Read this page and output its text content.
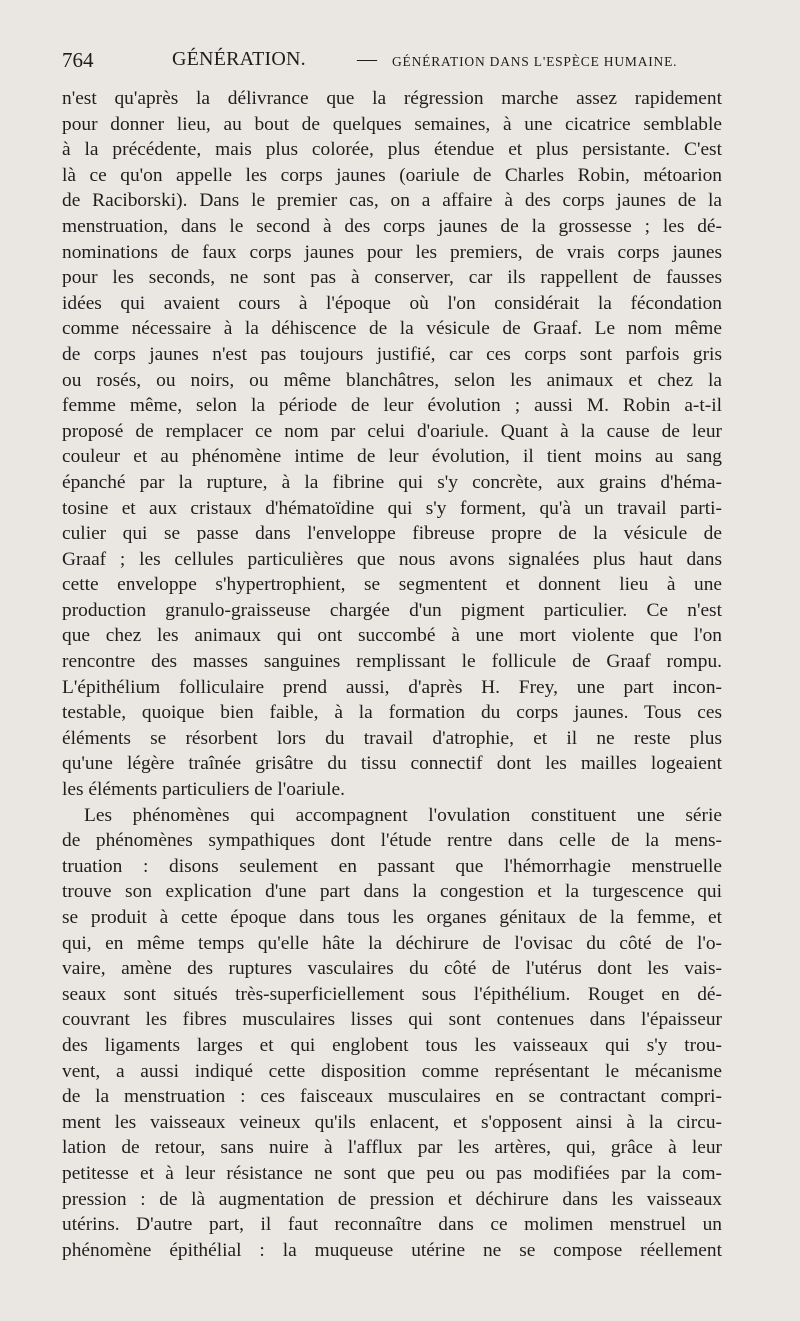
764	GÉNÉRATION.	— GÉNÉRATION DANS L'ESPÈCE HUMAINE.
n'est qu'après la délivrance que la régression marche assez rapidement
pour donner lieu, au bout de quelques semaines, à une cicatrice semblable
à la précédente, mais plus colorée, plus étendue et plus persistante. C'est
là ce qu'on appelle les corps jaunes (oariule de Charles Robin, métoarion
de Raciborski). Dans le premier cas, on a affaire à des corps jaunes de la
menstruation, dans le second à des corps jaunes de la grossesse ; les dé-
nominations de faux corps jaunes pour les premiers, de vrais corps jaunes
pour les seconds, ne sont pas à conserver, car ils rappellent de fausses
idées qui avaient cours à l'époque où l'on considérait la fécondation
comme nécessaire à la déhiscence de la vésicule de Graaf. Le nom même
de corps jaunes n'est pas toujours justifié, car ces corps sont parfois gris
ou rosés, ou noirs, ou même blanchâtres, selon les animaux et chez la
femme même, selon la période de leur évolution ; aussi M. Robin a-t-il
proposé de remplacer ce nom par celui d'oariule. Quant à la cause de leur
couleur et au phénomène intime de leur évolution, il tient moins au sang
épanché par la rupture, à la fibrine qui s'y concrète, aux grains d'héma-
tosine et aux cristaux d'hématoïdine qui s'y forment, qu'à un travail parti-
culier qui se passe dans l'enveloppe fibreuse propre de la vésicule de
Graaf ; les cellules particulières que nous avons signalées plus haut dans
cette enveloppe s'hypertrophient, se segmentent et donnent lieu à une
production granulo-graisseuse chargée d'un pigment particulier. Ce n'est
que chez les animaux qui ont succombé à une mort violente que l'on
rencontre des masses sanguines remplissant le follicule de Graaf rompu.
L'épithélium folliculaire prend aussi, d'après H. Frey, une part incon-
testable, quoique bien faible, à la formation du corps jaunes. Tous ces
éléments se résorbent lors du travail d'atrophie, et il ne reste plus
qu'une légère traînée grisâtre du tissu connectif dont les mailles logeaient
les éléments particuliers de l'oariule.
Les phénomènes qui accompagnent l'ovulation constituent une série
de phénomènes sympathiques dont l'étude rentre dans celle de la mens-
truation : disons seulement en passant que l'hémorrhagie menstruelle
trouve son explication d'une part dans la congestion et la turgescence qui
se produit à cette époque dans tous les organes génitaux de la femme, et
qui, en même temps qu'elle hâte la déchirure de l'ovisac du côté de l'o-
vaire, amène des ruptures vasculaires du côté de l'utérus dont les vais-
seaux sont situés très-superficiellement sous l'épithélium. Rouget en dé-
couvrant les fibres musculaires lisses qui sont contenues dans l'épaisseur
des ligaments larges et qui englobent tous les vaisseaux qui s'y trou-
vent, a aussi indiqué cette disposition comme représentant le mécanisme
de la menstruation : ces faisceaux musculaires en se contractant compri-
ment les vaisseaux veineux qu'ils enlacent, et s'opposent ainsi à la circu-
lation de retour, sans nuire à l'afflux par les artères, qui, grâce à leur
petitesse et à leur résistance ne sont que peu ou pas modifiées par la com-
pression : de là augmentation de pression et déchirure dans les vaisseaux
utérins. D'autre part, il faut reconnaître dans ce molimen menstruel un
phénomène épithélial : la muqueuse utérine ne se compose réellement
